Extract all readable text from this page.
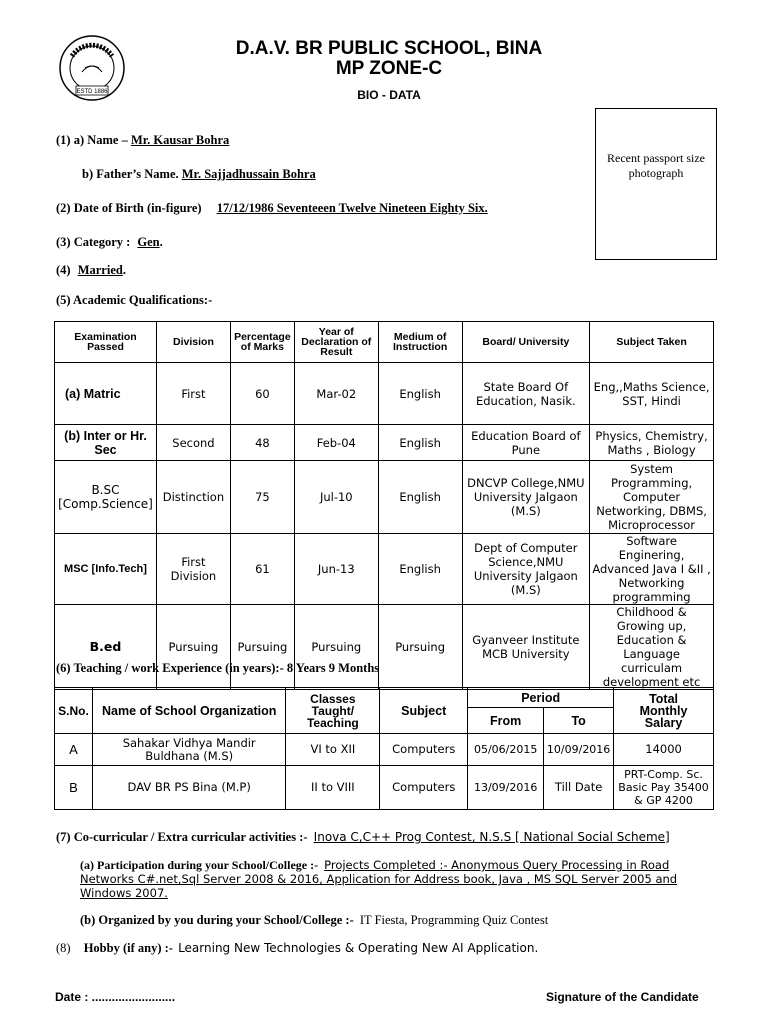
ESTD 1886
D.A.V. BR PUBLIC SCHOOL, BINA
MP ZONE-C
BIO - DATA
Recent passport size photograph
(1) a) Name – Mr. Kausar Bohra
b) Father’s Name. Mr. Sajjadhussain Bohra
(2) Date of Birth (in-figure) 17/12/1986 Seventeeen Twelve Nineteen Eighty Six.
(3) Category : Gen.
(4) Married.
(5) Academic Qualifications:-
Examination Passed	Division	Percentage of Marks	Year of Declaration of Result	Medium of Instruction	Board/ University	Subject Taken
(a) Matric	First	60	Mar-02	English	State Board Of Education, Nasik.	Eng,,Maths Science, SST, Hindi
(b) Inter or Hr. Sec	Second	48	Feb-04	English	Education Board of Pune	Physics, Chemistry, Maths , Biology
B.SC [Comp.Science]	Distinction	75	Jul-10	English	DNCVP College,NMU University Jalgaon (M.S)	System Programming, Computer Networking, DBMS, Microprocessor
MSC [Info.Tech]	First Division	61	Jun-13	English	Dept of Computer Science,NMU University Jalgaon (M.S)	Software Enginering, Advanced Java I &II , Networking programming
B.ed	Pursuing	Pursuing	Pursuing	Pursuing	Gyanveer Institute MCB University	Childhood & Growing up, Education & Language curriculam development etc
(6) Teaching / work Experience (in years):- 8 Years 9 Months
S.No.	Name of School Organization	Classes Taught/ Teaching	Subject	Period		Total Monthly Salary
				From	To	
A	Sahakar Vidhya Mandir Buldhana (M.S)	VI to XII	Computers	05/06/2015	10/09/2016	14000
B	DAV BR PS Bina (M.P)	II to VIII	Computers	13/09/2016	Till Date	PRT-Comp. Sc. Basic Pay 35400 & GP 4200
(7) Co-curricular / Extra curricular activities :- Inova C,C++ Prog Contest, N.S.S [ National Social Scheme]
(a) Participation during your School/College :- Projects Completed :- Anonymous Query Processing in Road Networks C#.net,Sql Server 2008 & 2016, Application for Address book, Java , MS SQL Server 2005 and Windows 2007.
(b) Organized by you during your School/College :- IT Fiesta, Programming Quiz Contest
(8) Hobby (if any) :- Learning New Technologies & Operating New AI Application.
Date : .........................	Signature of the Candidate
